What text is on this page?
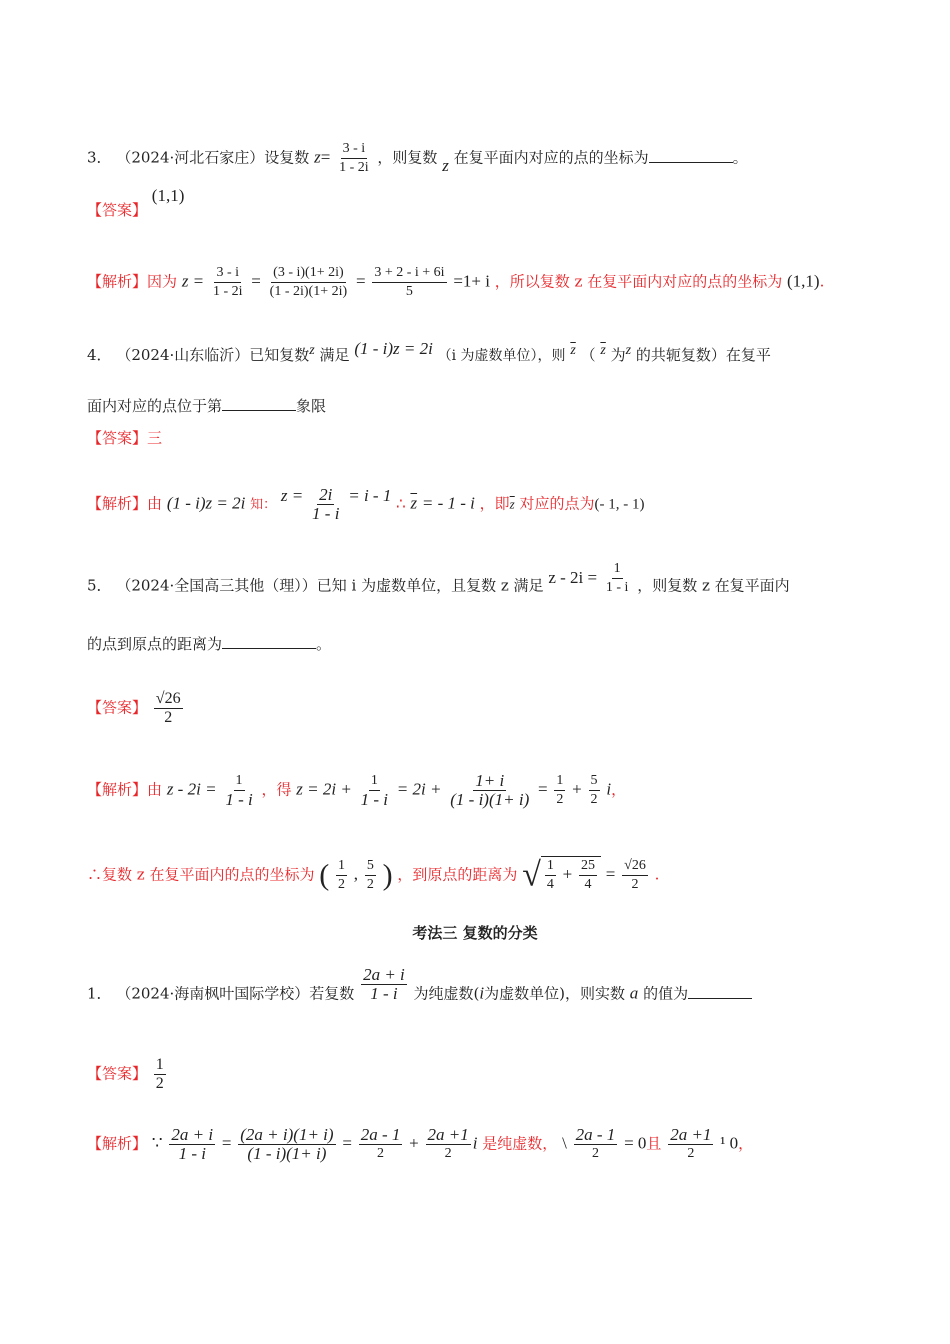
3． （2024·河北石家庄）设复数 $z= \frac{3 - i}{1 - 2i}$ ，则复数 z 在复平面内对应的点的坐标为	。
【答案】 (1,1)
【解析】因为 $z = \frac{3 - i}{1 - 2i} = \frac{(3 - i)(1+ 2i)}{(1 - 2i)(1+ 2i)} = \frac{3 + 2 - i + 6i}{5} =1+ i$ ，所以复数 z 在复平面内对应的点的坐标为 (1,1).
4． （2024·山东临沂）已知复数z 满足 (1 - i)z = 2i （i 为虚数单位），则 $\overline{z}$ （ $\overline{z}$ 为z 的共轭复数）在复平
面内对应的点位于第	象限
【答案】三
【解析】由 (1 - i)z = 2i 知： $z = \frac{2i}{1 - i} = i - 1$ ∴ $\overline{z}$ = - 1 - i ，即$\overline{z}$ 对应的点为(- 1, - 1)
5． （2024·全国高三其他（理））已知 i 为虚数单位，且复数 z 满足 $z - 2i = \frac{1}{1 - i}$ ，则复数 z 在复平面内
的点到原点的距离为	。
【答案】 $\frac{√26}{2}$
【解析】由 $z - 2i = \frac{1}{1 - i}$ ，得 $z = 2i + \frac{1}{1 - i} = 2i + \frac{1+ i}{(1 - i)(1+ i)} = \frac{1}{2} + \frac{5}{2}$ i，
∴复数 z 在复平面内的点的坐标为 ( $\frac{1}{2}$ , $\frac{5}{2}$ ) ，到原点的距离为 √ $\frac{1}{4} + \frac{25}{4} = \frac{√26}{2}$ .
考法三 复数的分类
1． （2024·海南枫叶国际学校）若复数 $\frac{2a + i}{1 - i}$ 为纯虚数(i为虚数单位)，则实数 a 的值为
【答案】 $\frac{1}{2}$
【解析】 ∵ $\frac{2a + i}{1 - i} = \frac{(2a + i)(1+ i)}{(1 - i)(1+ i)} = \frac{2a - 1}{2} + \frac{2a +1}{2}$ i 是纯虚数， \ $\frac{2a - 1}{2} = 0$且 $\frac{2a +1}{2} ^1$ 0，
